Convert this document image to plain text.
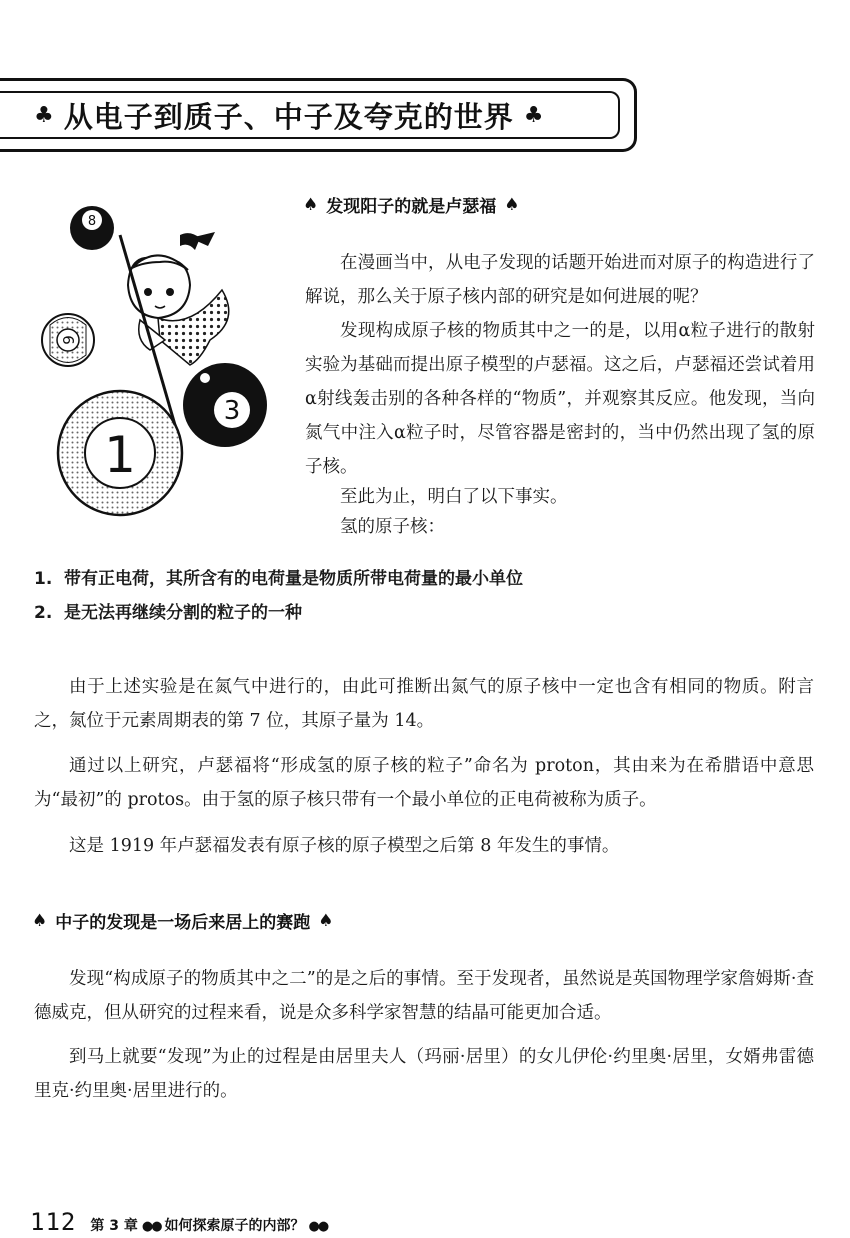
♣ 从电子到质子、中子及夸克的世界 ♣
8
9
3
1
♠ 发现阳子的就是卢瑟福 ♠

在漫画当中，从电子发现的话题开始进而对原子的构造进行了解说，那么关于原子核内部的研究是如何进展的呢？

发现构成原子核的物质其中之一的是，以用α粒子进行的散射实验为基础而提出原子模型的卢瑟福。这之后，卢瑟福还尝试着用α射线轰击别的各种各样的“物质”，并观察其反应。他发现，当向氮气中注入α粒子时，尽管容器是密封的，当中仍然出现了氢的原子核。

至此为止，明白了以下事实。

氢的原子核：

1. 带有正电荷，其所含有的电荷量是物质所带电荷量的最小单位
2. 是无法再继续分割的粒子的一种

由于上述实验是在氮气中进行的，由此可推断出氮气的原子核中一定也含有相同的物质。附言之，氮位于元素周期表的第 7 位，其原子量为 14。

通过以上研究，卢瑟福将“形成氢的原子核的粒子”命名为 proton，其由来为在希腊语中意思为“最初”的 protos。由于氢的原子核只带有一个最小单位的正电荷被称为质子。

这是 1919 年卢瑟福发表有原子核的原子模型之后第 8 年发生的事情。

♠ 中子的发现是一场后来居上的赛跑 ♠

发现“构成原子的物质其中之二”的是之后的事情。至于发现者，虽然说是英国物理学家詹姆斯·查德威克，但从研究的过程来看，说是众多科学家智慧的结晶可能更加合适。

到马上就要“发现”为止的过程是由居里夫人（玛丽·居里）的女儿伊伦·约里奥·居里，女婿弗雷德里克·约里奥·居里进行的。

112 第 3 章 ●● 如何探索原子的内部？ ●●
